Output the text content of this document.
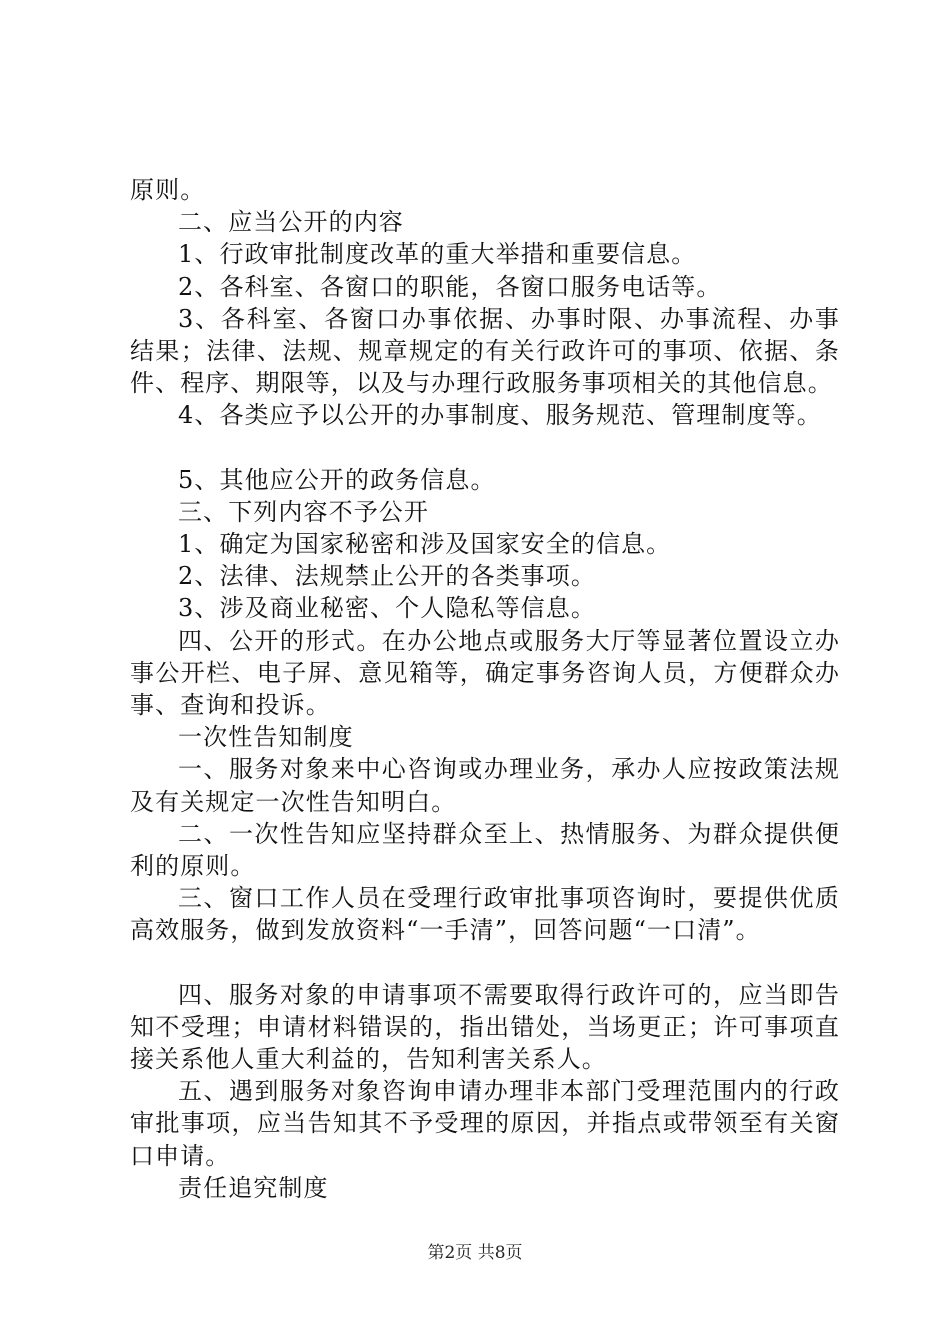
原则。

二、应当公开的内容

1、行政审批制度改革的重大举措和重要信息。

2、各科室、各窗口的职能，各窗口服务电话等。

3、各科室、各窗口办事依据、办事时限、办事流程、办事结果；法律、法规、规章规定的有关行政许可的事项、依据、条件、程序、期限等，以及与办理行政服务事项相关的其他信息。

4、各类应予以公开的办事制度、服务规范、管理制度等。

5、其他应公开的政务信息。

三、下列内容不予公开

1、确定为国家秘密和涉及国家安全的信息。

2、法律、法规禁止公开的各类事项。

3、涉及商业秘密、个人隐私等信息。

四、公开的形式。在办公地点或服务大厅等显著位置设立办事公开栏、电子屏、意见箱等，确定事务咨询人员，方便群众办事、查询和投诉。

一次性告知制度

一、服务对象来中心咨询或办理业务，承办人应按政策法规及有关规定一次性告知明白。

二、一次性告知应坚持群众至上、热情服务、为群众提供便利的原则。

三、窗口工作人员在受理行政审批事项咨询时，要提供优质高效服务，做到发放资料“一手清”，回答问题“一口清”。

四、服务对象的申请事项不需要取得行政许可的，应当即告知不受理；申请材料错误的，指出错处，当场更正；许可事项直接关系他人重大利益的，告知利害关系人。

五、遇到服务对象咨询申请办理非本部门受理范围内的行政审批事项，应当告知其不予受理的原因，并指点或带领至有关窗口申请。

责任追究制度

第2页 共8页
